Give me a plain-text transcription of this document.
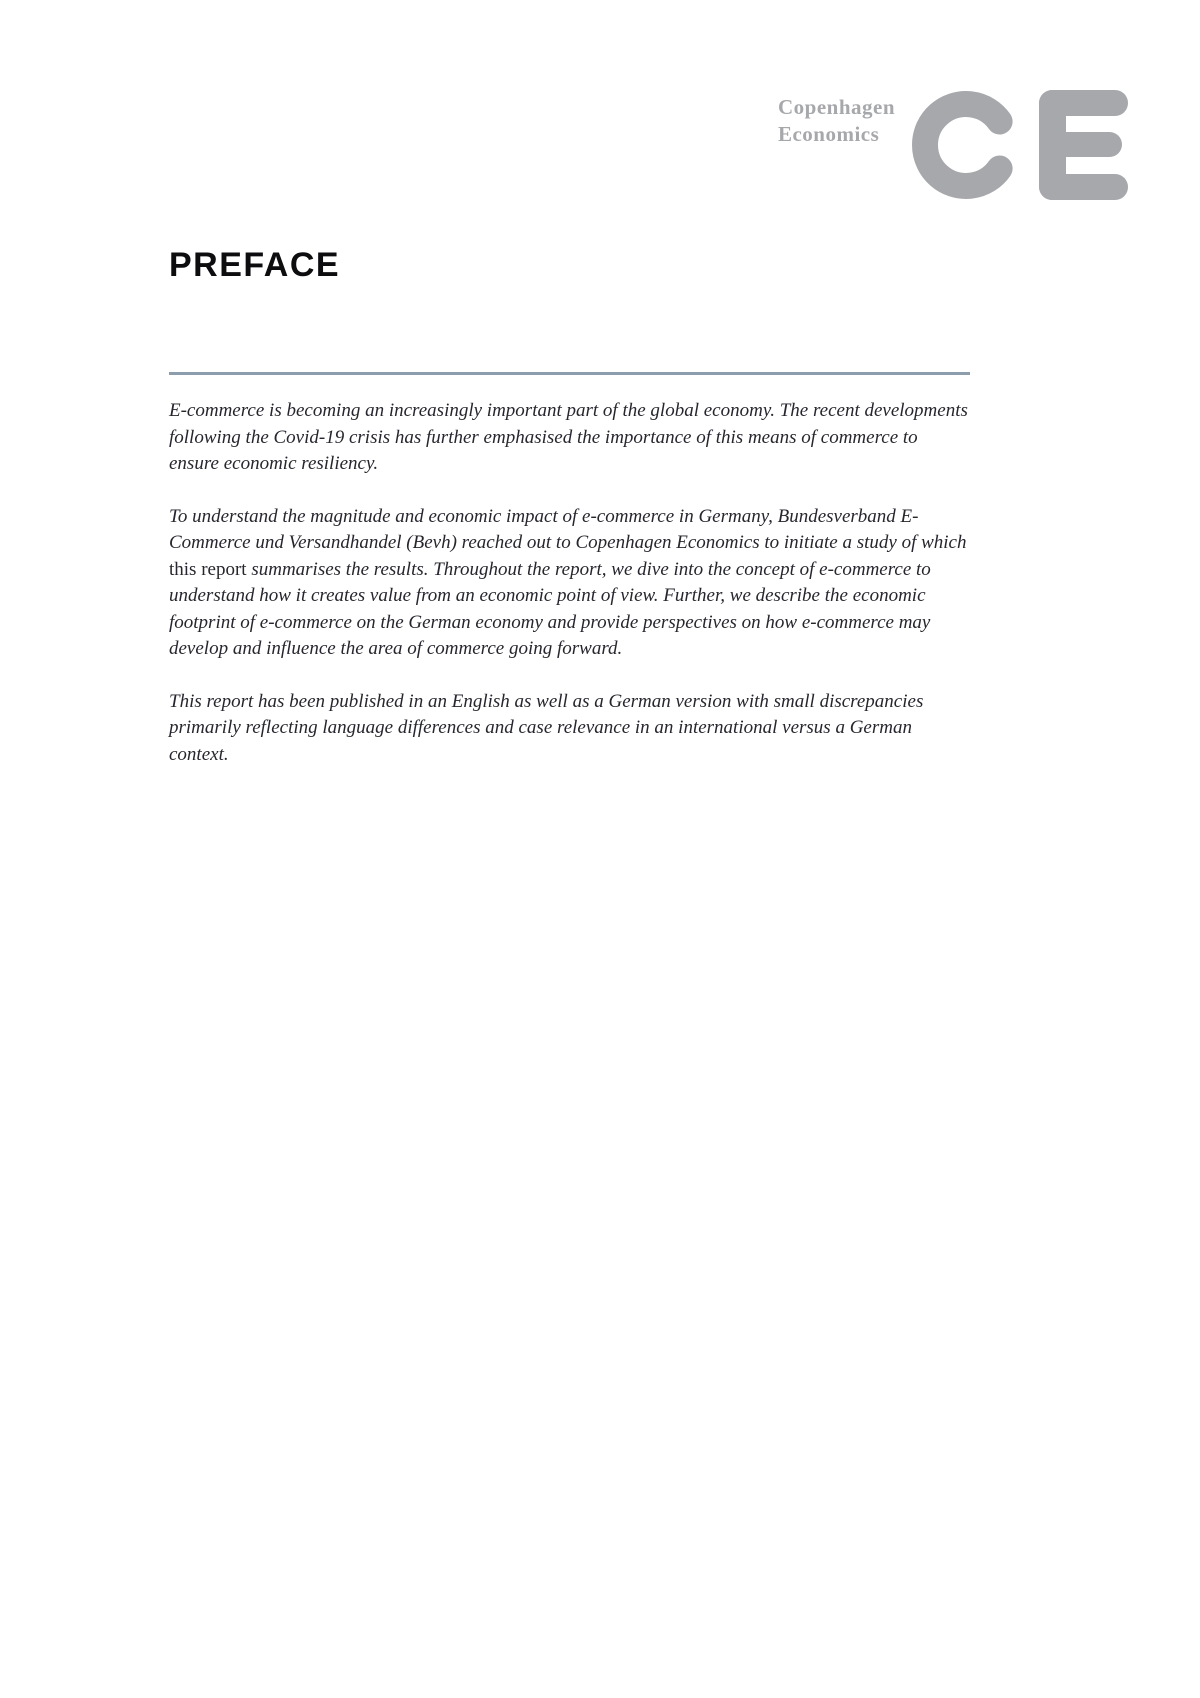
Copenhagen
Economics
PREFACE

E-commerce is becoming an increasingly important part of the global economy. The recent developments following the Covid-19 crisis has further emphasised the importance of this means of commerce to ensure economic resiliency.

To understand the magnitude and economic impact of e-commerce in Germany, Bundesverband E-Commerce und Versandhandel (Bevh) reached out to Copenhagen Economics to initiate a study of which this report summarises the results. Throughout the report, we dive into the concept of e-commerce to understand how it creates value from an economic point of view. Further, we describe the economic footprint of e-commerce on the German economy and provide perspectives on how e-commerce may develop and influence the area of commerce going forward.

This report has been published in an English as well as a German version with small discrepancies primarily reflecting language differences and case relevance in an international versus a German context.
